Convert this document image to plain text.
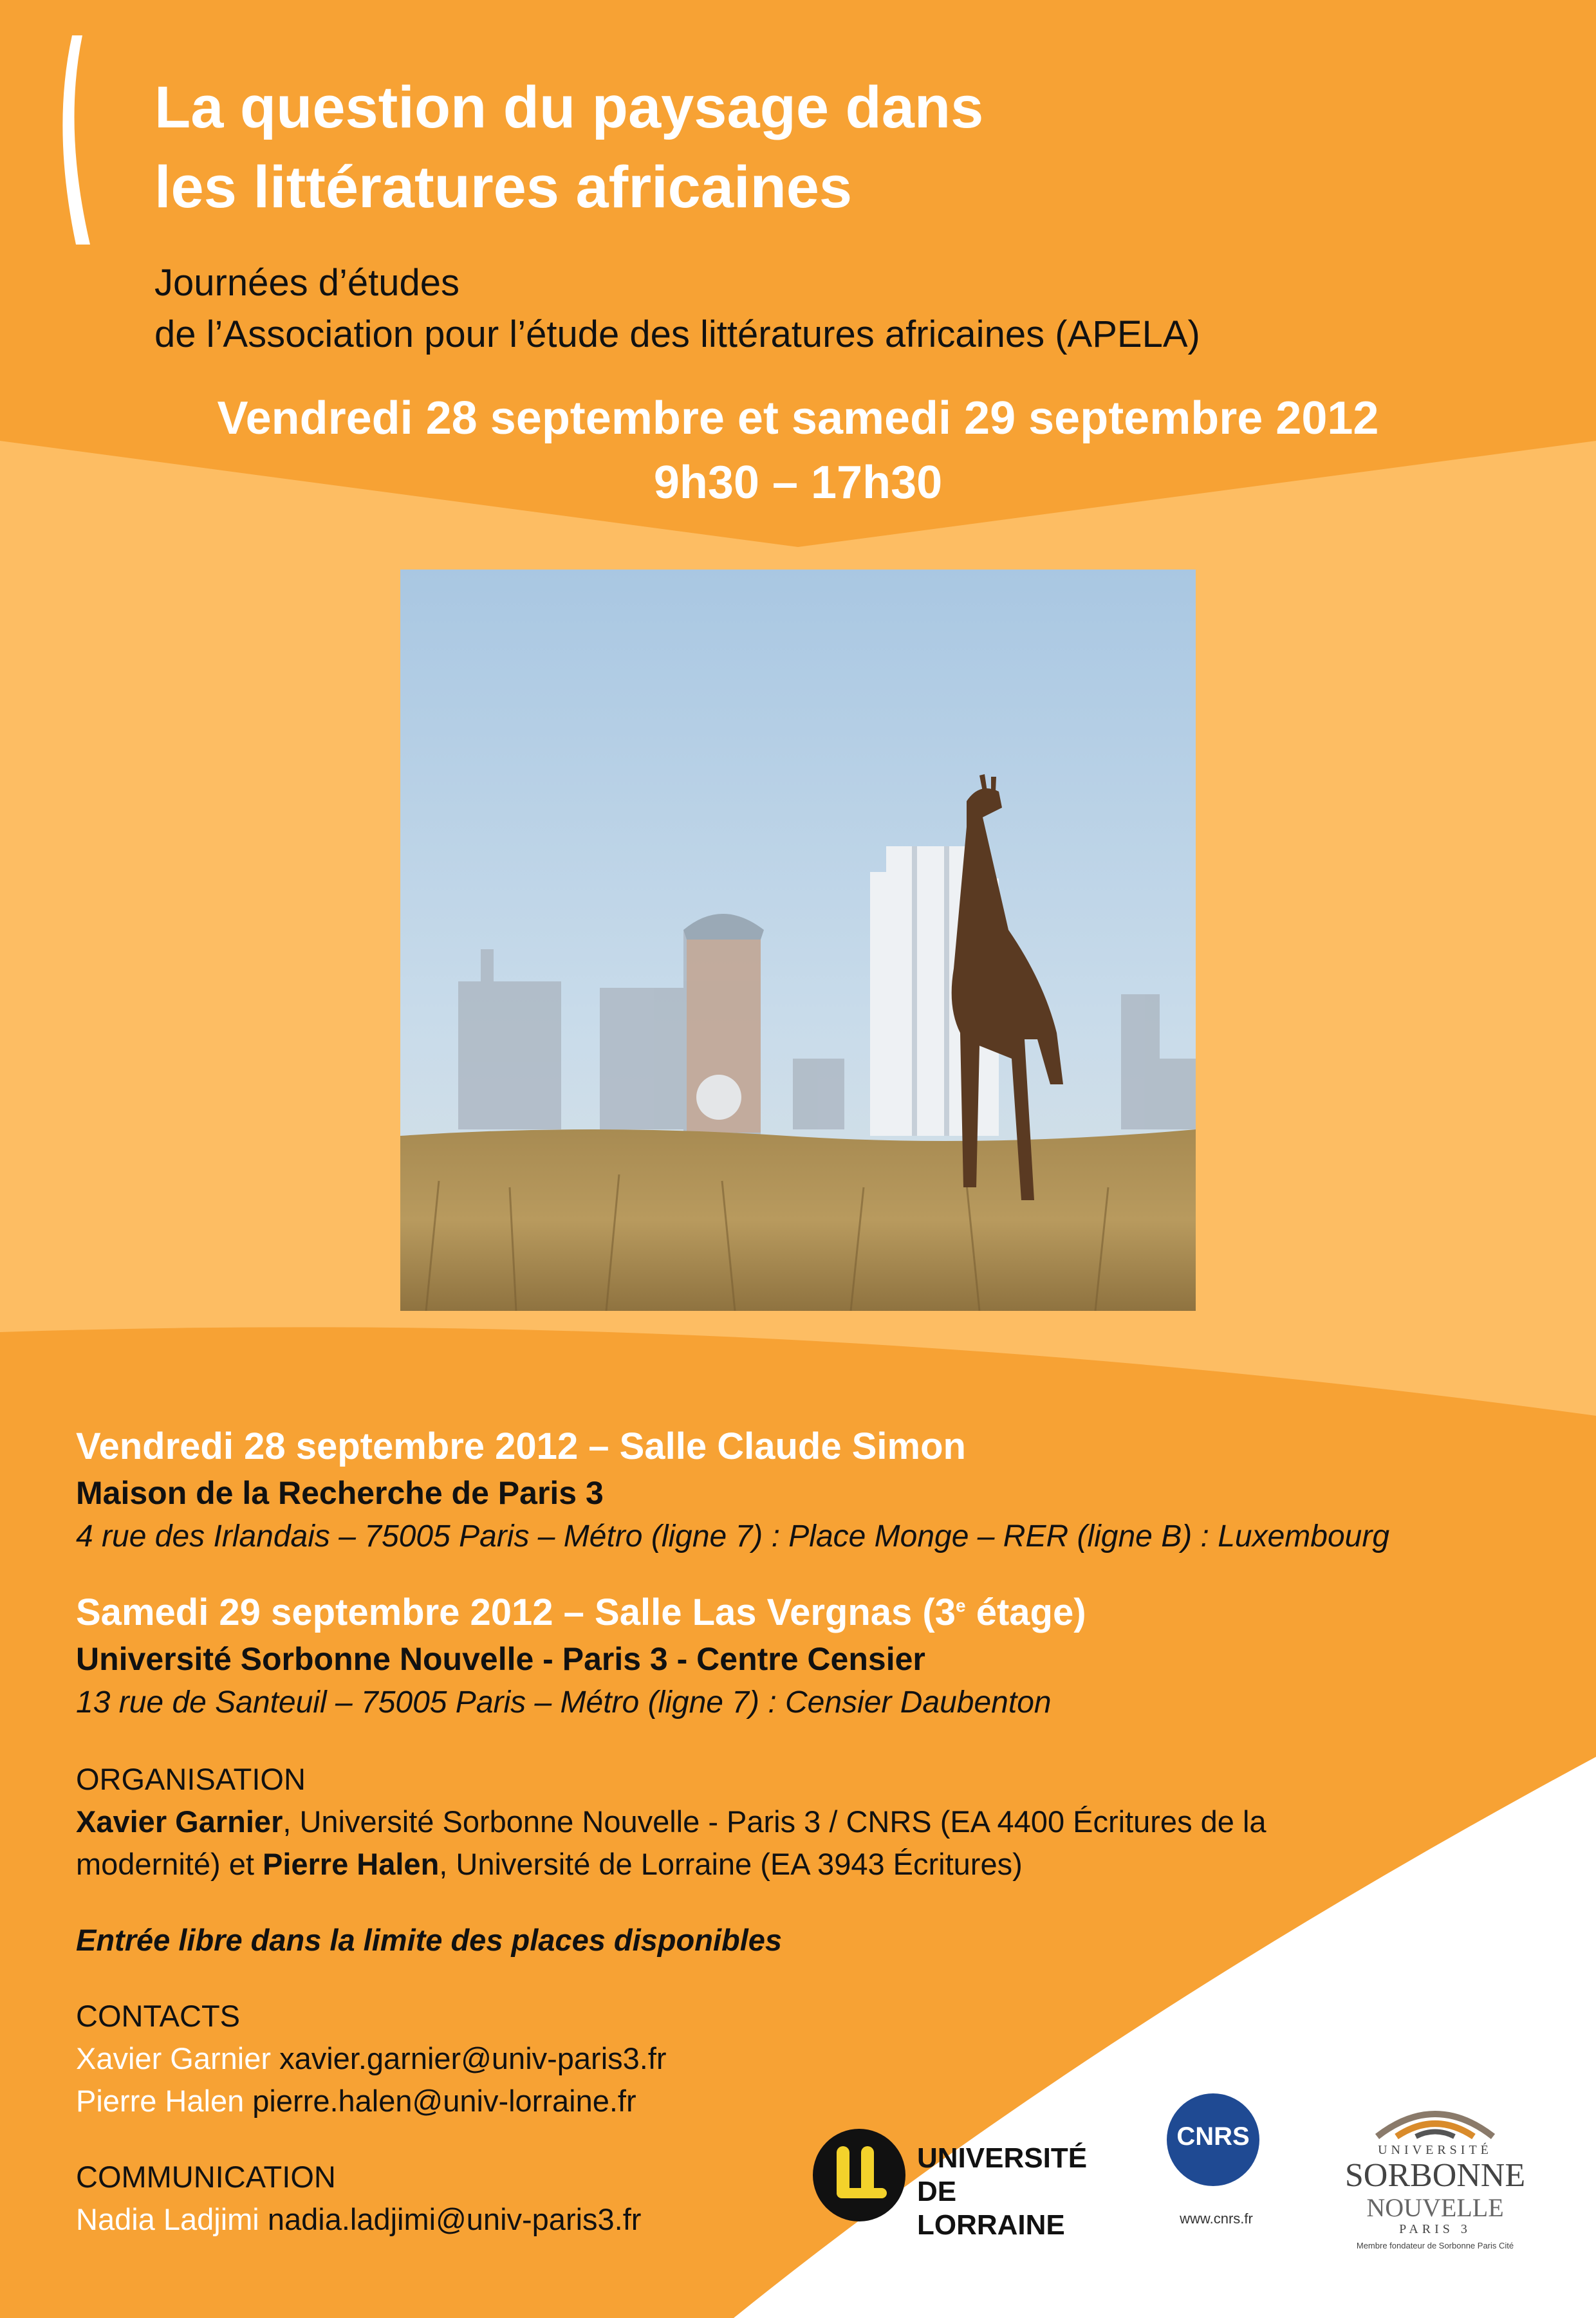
La question du paysage dans
les littératures africaines
Journées d’études
de l’Association pour l’étude des littératures africaines (APELA)
Vendredi 28 septembre et samedi 29 septembre 2012
9h30 – 17h30
Vendredi 28 septembre 2012 – Salle Claude Simon
Maison de la Recherche de Paris 3
4 rue des Irlandais – 75005 Paris – Métro (ligne 7) : Place Monge – RER (ligne B) : Luxembourg
Samedi 29 septembre 2012 – Salle Las Vergnas (3e étage)
Université Sorbonne Nouvelle - Paris 3 - Centre Censier
13 rue de Santeuil – 75005 Paris – Métro (ligne 7) : Censier Daubenton
ORGANISATION
Xavier Garnier, Université Sorbonne Nouvelle - Paris 3 / CNRS (EA 4400 Écritures de la
modernité) et Pierre Halen, Université de Lorraine (EA 3943 Écritures)
Entrée libre dans la limite des places disponibles
CONTACTS
Xavier Garnier xavier.garnier@univ-paris3.fr
Pierre Halen pierre.halen@univ-lorraine.fr
COMMUNICATION
Nadia Ladjimi nadia.ladjimi@univ-paris3.fr
UNIVERSITÉ
DE LORRAINE
CNRS
www.cnrs.fr
UNIVERSITÉ
SORBONNE
NOUVELLE
PARIS 3
Membre fondateur de Sorbonne Paris Cité
